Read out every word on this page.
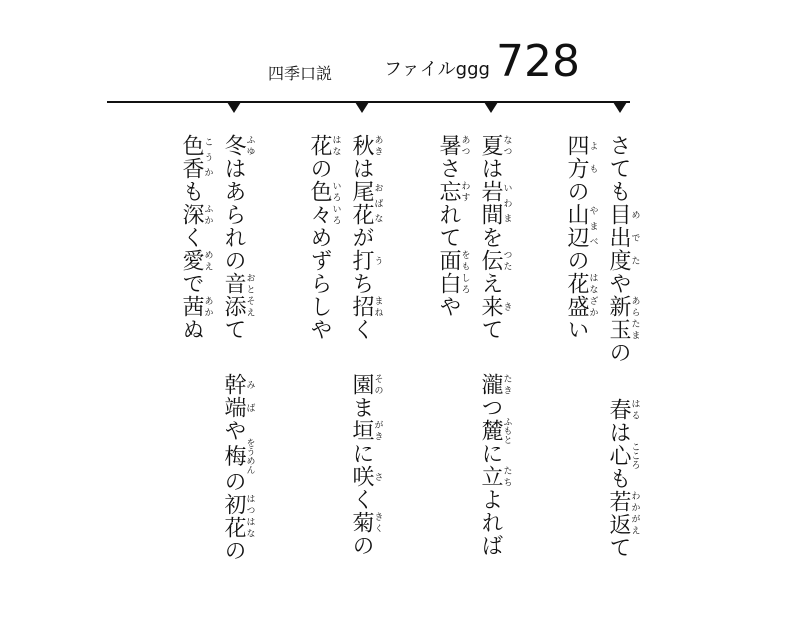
四季口説	ファイルggg 728
さても目出度めでたや新玉あらたまの
四方よもの山辺やまべの花盛はなざかい
春はるは心こころも若返わかがえて
夏なつは岩間いわまを伝つたえ来きて
暑あつさ忘わすれて面白をもしろや
瀧たきつ麓ふもとに立たちよれば
秋あきは尾花おばなが打うち招まねく
花はなの色々いろいろめずらしや
園そのま垣がきに咲さく菊きくの
冬ふゆはあられの音おと添そえて
色香こうかも深ふかく愛めえで茜あかぬ
幹端みばや梅をうめんの初はつ花はなの
